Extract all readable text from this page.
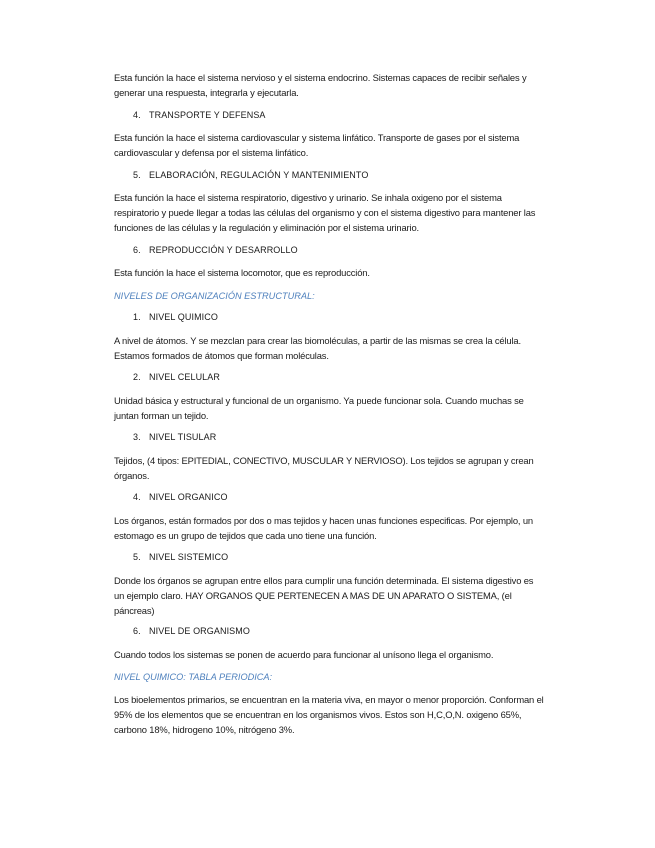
Esta función la hace el sistema nervioso y el sistema endocrino. Sistemas capaces de recibir señales y generar una respuesta, integrarla y ejecutarla.

4. TRANSPORTE Y DEFENSA

Esta función la hace el sistema cardiovascular y sistema linfático. Transporte de gases por el sistema cardiovascular y defensa por el sistema linfático.

5. ELABORACIÓN, REGULACIÓN Y MANTENIMIENTO

Esta función la hace el sistema respiratorio, digestivo y urinario. Se inhala oxigeno por el sistema respiratorio y puede llegar a todas las células del organismo y con el sistema digestivo para mantener las funciones de las células y la regulación y eliminación por el sistema urinario.

6. REPRODUCCIÓN Y DESARROLLO

Esta función la hace el sistema locomotor, que es reproducción.

NIVELES DE ORGANIZACIÓN ESTRUCTURAL:

1. NIVEL QUIMICO

A nivel de átomos. Y se mezclan para crear las biomoléculas, a partir de las mismas se crea la célula. Estamos formados de átomos que forman moléculas.

2. NIVEL CELULAR

Unidad básica y estructural y funcional de un organismo. Ya puede funcionar sola. Cuando muchas se juntan forman un tejido.

3. NIVEL TISULAR

Tejidos, (4 tipos: EPITEDIAL, CONECTIVO, MUSCULAR Y NERVIOSO). Los tejidos se agrupan y crean órganos.

4. NIVEL ORGANICO

Los órganos, están formados por dos o mas tejidos y hacen unas funciones especificas. Por ejemplo, un estomago es un grupo de tejidos que cada uno tiene una función.

5. NIVEL SISTEMICO

Donde los órganos se agrupan entre ellos para cumplir una función determinada. El sistema digestivo es un ejemplo claro. HAY ORGANOS QUE PERTENECEN A MAS DE UN APARATO O SISTEMA, (el páncreas)

6. NIVEL DE ORGANISMO

Cuando todos los sistemas se ponen de acuerdo para funcionar al unísono llega el organismo.

NIVEL QUIMICO: TABLA PERIODICA:

Los bioelementos primarios, se encuentran en la materia viva, en mayor o menor proporción. Conforman el 95% de los elementos que se encuentran en los organismos vivos. Estos son H,C,O,N. oxigeno 65%, carbono 18%, hidrogeno 10%, nitrógeno 3%.
